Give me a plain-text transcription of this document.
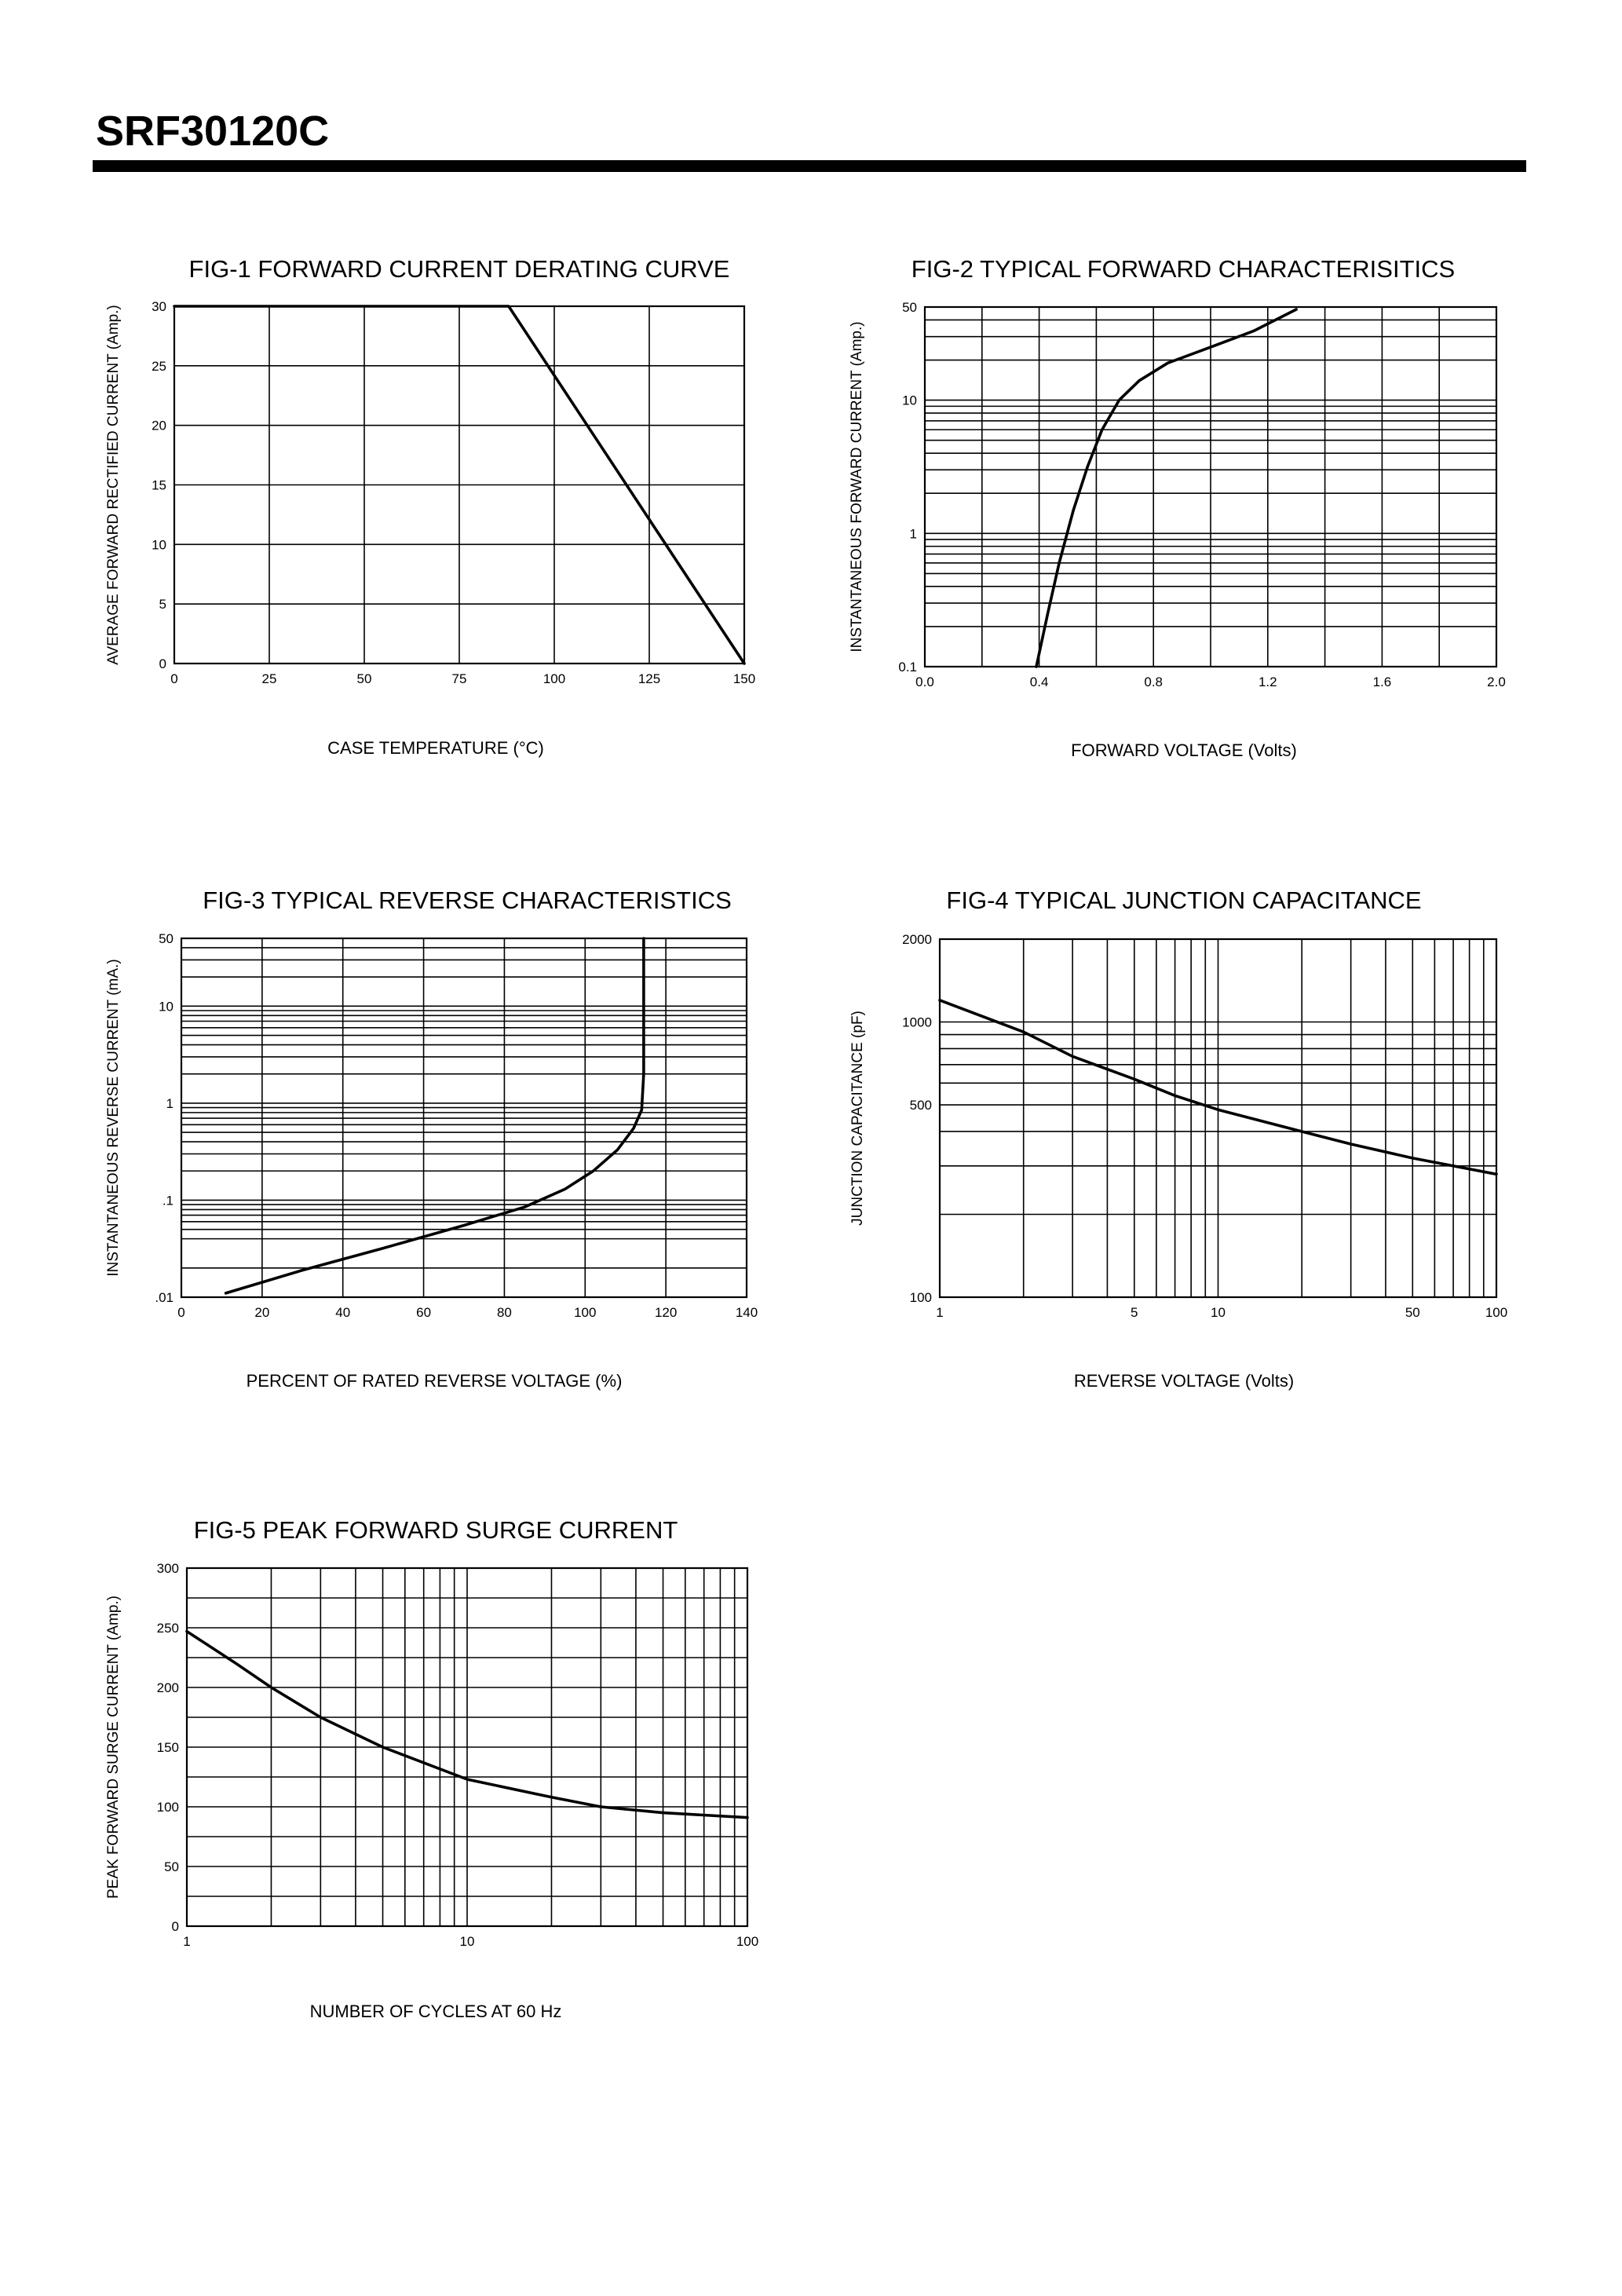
SRF30120C
FIG-1 FORWARD CURRENT DERATING CURVE
0	25	50	75	100	125	150
0
5
10
15
20
25
30
CASE TEMPERATURE (°C)
AVERAGE FORWARD RECTIFIED CURRENT (Amp.)
FIG-2 TYPICAL FORWARD CHARACTERISITICS
0.0	0.4	0.8	1.2	1.6	2.0
0.1
1
10
50
FORWARD VOLTAGE (Volts)
INSTANTANEOUS FORWARD CURRENT (Amp.)
FIG-3 TYPICAL REVERSE CHARACTERISTICS
0	20	40	60	80	100	120	140
.01
.1
1
10
50
PERCENT OF RATED REVERSE VOLTAGE (%)
INSTANTANEOUS REVERSE CURRENT (mA.)
FIG-4 TYPICAL JUNCTION CAPACITANCE
1	5	10	50	100
100
500
1000
2000
REVERSE VOLTAGE (Volts)
JUNCTION CAPACITANCE (pF)
FIG-5 PEAK FORWARD SURGE CURRENT
1	10	100
0
50
100
150
200
250
300
NUMBER OF CYCLES AT 60 Hz
PEAK FORWARD SURGE CURRENT (Amp.)
